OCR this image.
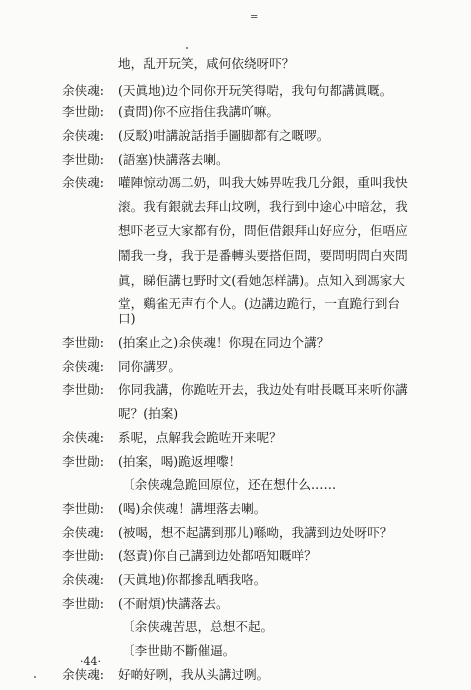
=
地，乱开玩笑，咸何依绕呀吓？
余侠魂:	(天眞地)边个同你开玩笑得啱，我句句都講眞嘅。
李世勛:	(責問)你不应指住我講吖嘛。
余侠魂:	(反駁)咁講說話指手圖脚都有之嘅啰。
李世勛:	(語塞)快講落去喇。
余侠魂:	嚾陣惊动馮二奶，叫我大姊畀咗我几分銀，重叫我快
滚。我有銀就去拜山坟咧，我行到中途心中暗忿，我
想吓老豆大家都有份，問佢借銀拜山好应分，佢唔应
鬧我一身，我于是番轉头要搭佢問，要問明問白夾問
眞，睇佢講乜野时文(看她怎样講)。点知入到馮家大
堂，鷄雀无声冇个人。(边講边跪行，一直跪行到台
口)
李世勛:	(拍案止之)余侠魂！你現在同边个講？
余侠魂:	同你講罗。
李世勛:	你同我講，你跪咗开去，我边处有咁長嘅耳来听你講
呢？(拍案)
余侠魂:	系呢，点解我会跪咗开来呢？
李世勛:	(拍案，喝)跪返埋嚟！
〔余侠魂急跪回原位，还在想什么……
李世勛:	(喝)余侠魂！講埋落去喇。
余侠魂:	(被喝，想不起講到那儿)喺呦，我講到边处呀吓？
李世勛:	(怒責)你自己講到边处都唔知嘅咩？
余侠魂:	(天眞地)你都摻乱晒我咯。
李世勛:	(不耐煩)快講落去。
〔余侠魂苦思，总想不起。
〔李世勛不斷催逼。
余侠魂:	好啲好咧，我从头講过咧。
·44·
